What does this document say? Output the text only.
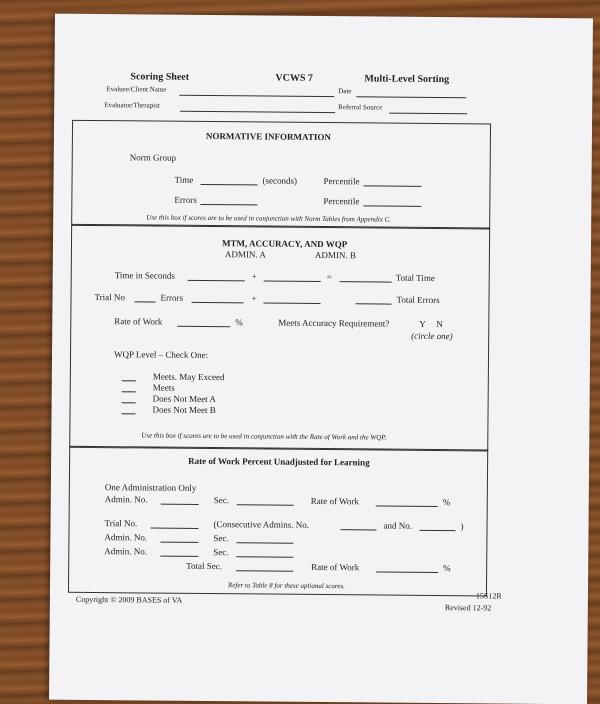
Scoring Sheet	VCWS 7	Multi-Level Sorting
Evaluee/Client Name	Date
Evaluator/Therapist	Referral Source
NORMATIVE INFORMATION
Norm Group
Time	(seconds)	Percentile
Errors	Percentile
Use this box if scores are to be used in conjunction with Norm Tables from Appendix C.
MTM, ACCURACY, AND WQP
ADMIN. A	ADMIN. B
Time in Seconds	+	=	Total Time
Trial No	Errors	+	Total Errors
Rate of Work	%	Meets Accuracy Requirement?	Y N
(circle one)
WQP Level – Check One:
Meets. May Exceed
Meets
Does Not Meet A
Does Not Meet B
Use this box if scores are to be used in conjunction with the Rate of Work and the WQP.
Rate of Work Percent Unadjusted for Learning
One Administration Only
Admin. No.	Sec.	Rate of Work	%
Trial No.	(Consecutive Admins. No.	and No.	)
Admin. No.	Sec.
Admin. No.	Sec.
Total Sec.	Rate of Work	%
Refer to Table 8 for these optional scores.
Copyright © 2009 BASES of VA	15S12R
Revised 12-92
